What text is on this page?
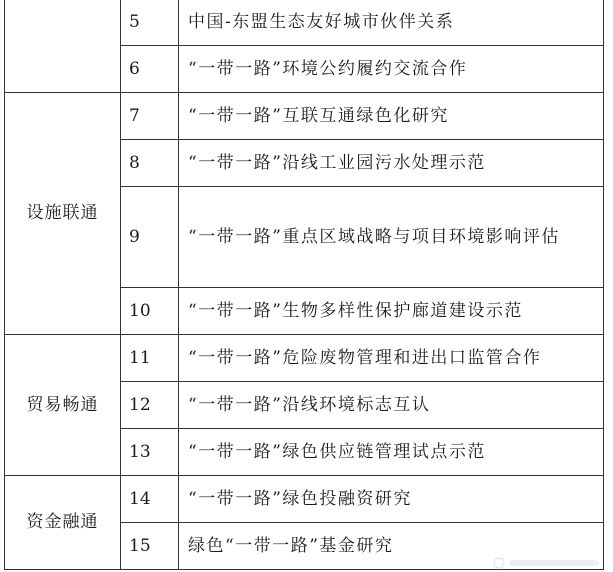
	5	中国-东盟生态友好城市伙伴关系
	6	“一带一路”环境公约履约交流合作
设施联通	7	“一带一路”互联互通绿色化研究
	8	“一带一路”沿线工业园污水处理示范
	9	“一带一路”重点区域战略与项目环境影响评估
	10	“一带一路”生物多样性保护廊道建设示范
贸易畅通	11	“一带一路”危险废物管理和进出口监管合作
	12	“一带一路”沿线环境标志互认
	13	“一带一路”绿色供应链管理试点示范
资金融通	14	“一带一路”绿色投融资研究
	15	绿色“一带一路”基金研究
